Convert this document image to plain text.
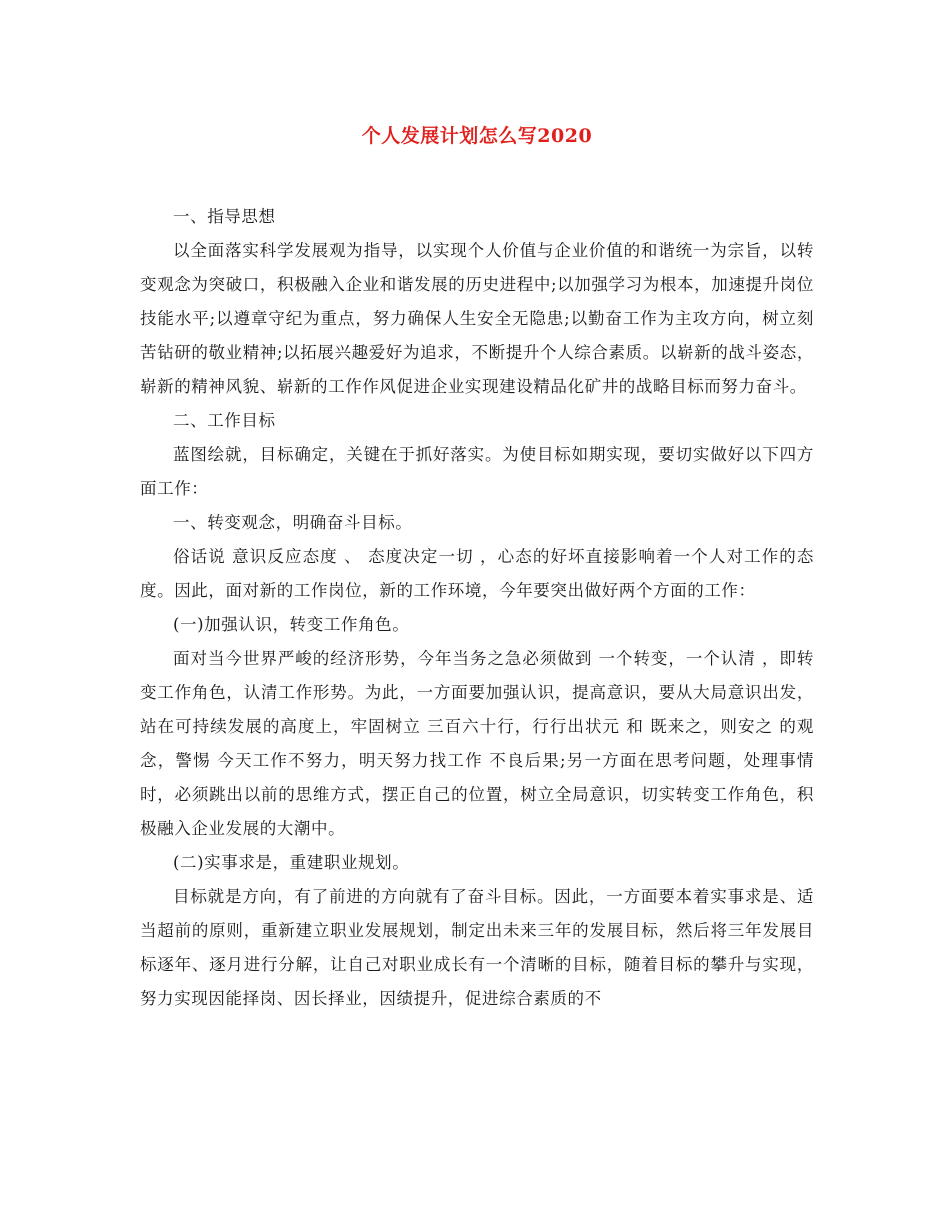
个人发展计划怎么写2020

一、指导思想

以全面落实科学发展观为指导，以实现个人价值与企业价值的和谐统一为宗旨，以转变观念为突破口，积极融入企业和谐发展的历史进程中;以加强学习为根本，加速提升岗位技能水平;以遵章守纪为重点，努力确保人生安全无隐患;以勤奋工作为主攻方向，树立刻苦钻研的敬业精神;以拓展兴趣爱好为追求，不断提升个人综合素质。以崭新的战斗姿态，崭新的精神风貌、崭新的工作作风促进企业实现建设精品化矿井的战略目标而努力奋斗。

二、工作目标

蓝图绘就，目标确定，关键在于抓好落实。为使目标如期实现，要切实做好以下四方面工作：

一、转变观念，明确奋斗目标。

俗话说 意识反应态度 、 态度决定一切 ，心态的好坏直接影响着一个人对工作的态度。因此，面对新的工作岗位，新的工作环境，今年要突出做好两个方面的工作：

(一)加强认识，转变工作角色。

面对当今世界严峻的经济形势，今年当务之急必须做到 一个转变，一个认清 ，即转变工作角色，认清工作形势。为此，一方面要加强认识，提高意识，要从大局意识出发，站在可持续发展的高度上，牢固树立 三百六十行，行行出状元 和 既来之，则安之 的观念，警惕 今天工作不努力，明天努力找工作 不良后果;另一方面在思考问题，处理事情时，必须跳出以前的思维方式，摆正自己的位置，树立全局意识，切实转变工作角色，积极融入企业发展的大潮中。

(二)实事求是，重建职业规划。

目标就是方向，有了前进的方向就有了奋斗目标。因此，一方面要本着实事求是、适当超前的原则，重新建立职业发展规划，制定出未来三年的发展目标，然后将三年发展目标逐年、逐月进行分解，让自己对职业成长有一个清晰的目标，随着目标的攀升与实现，努力实现因能择岗、因长择业，因绩提升，促进综合素质的不
